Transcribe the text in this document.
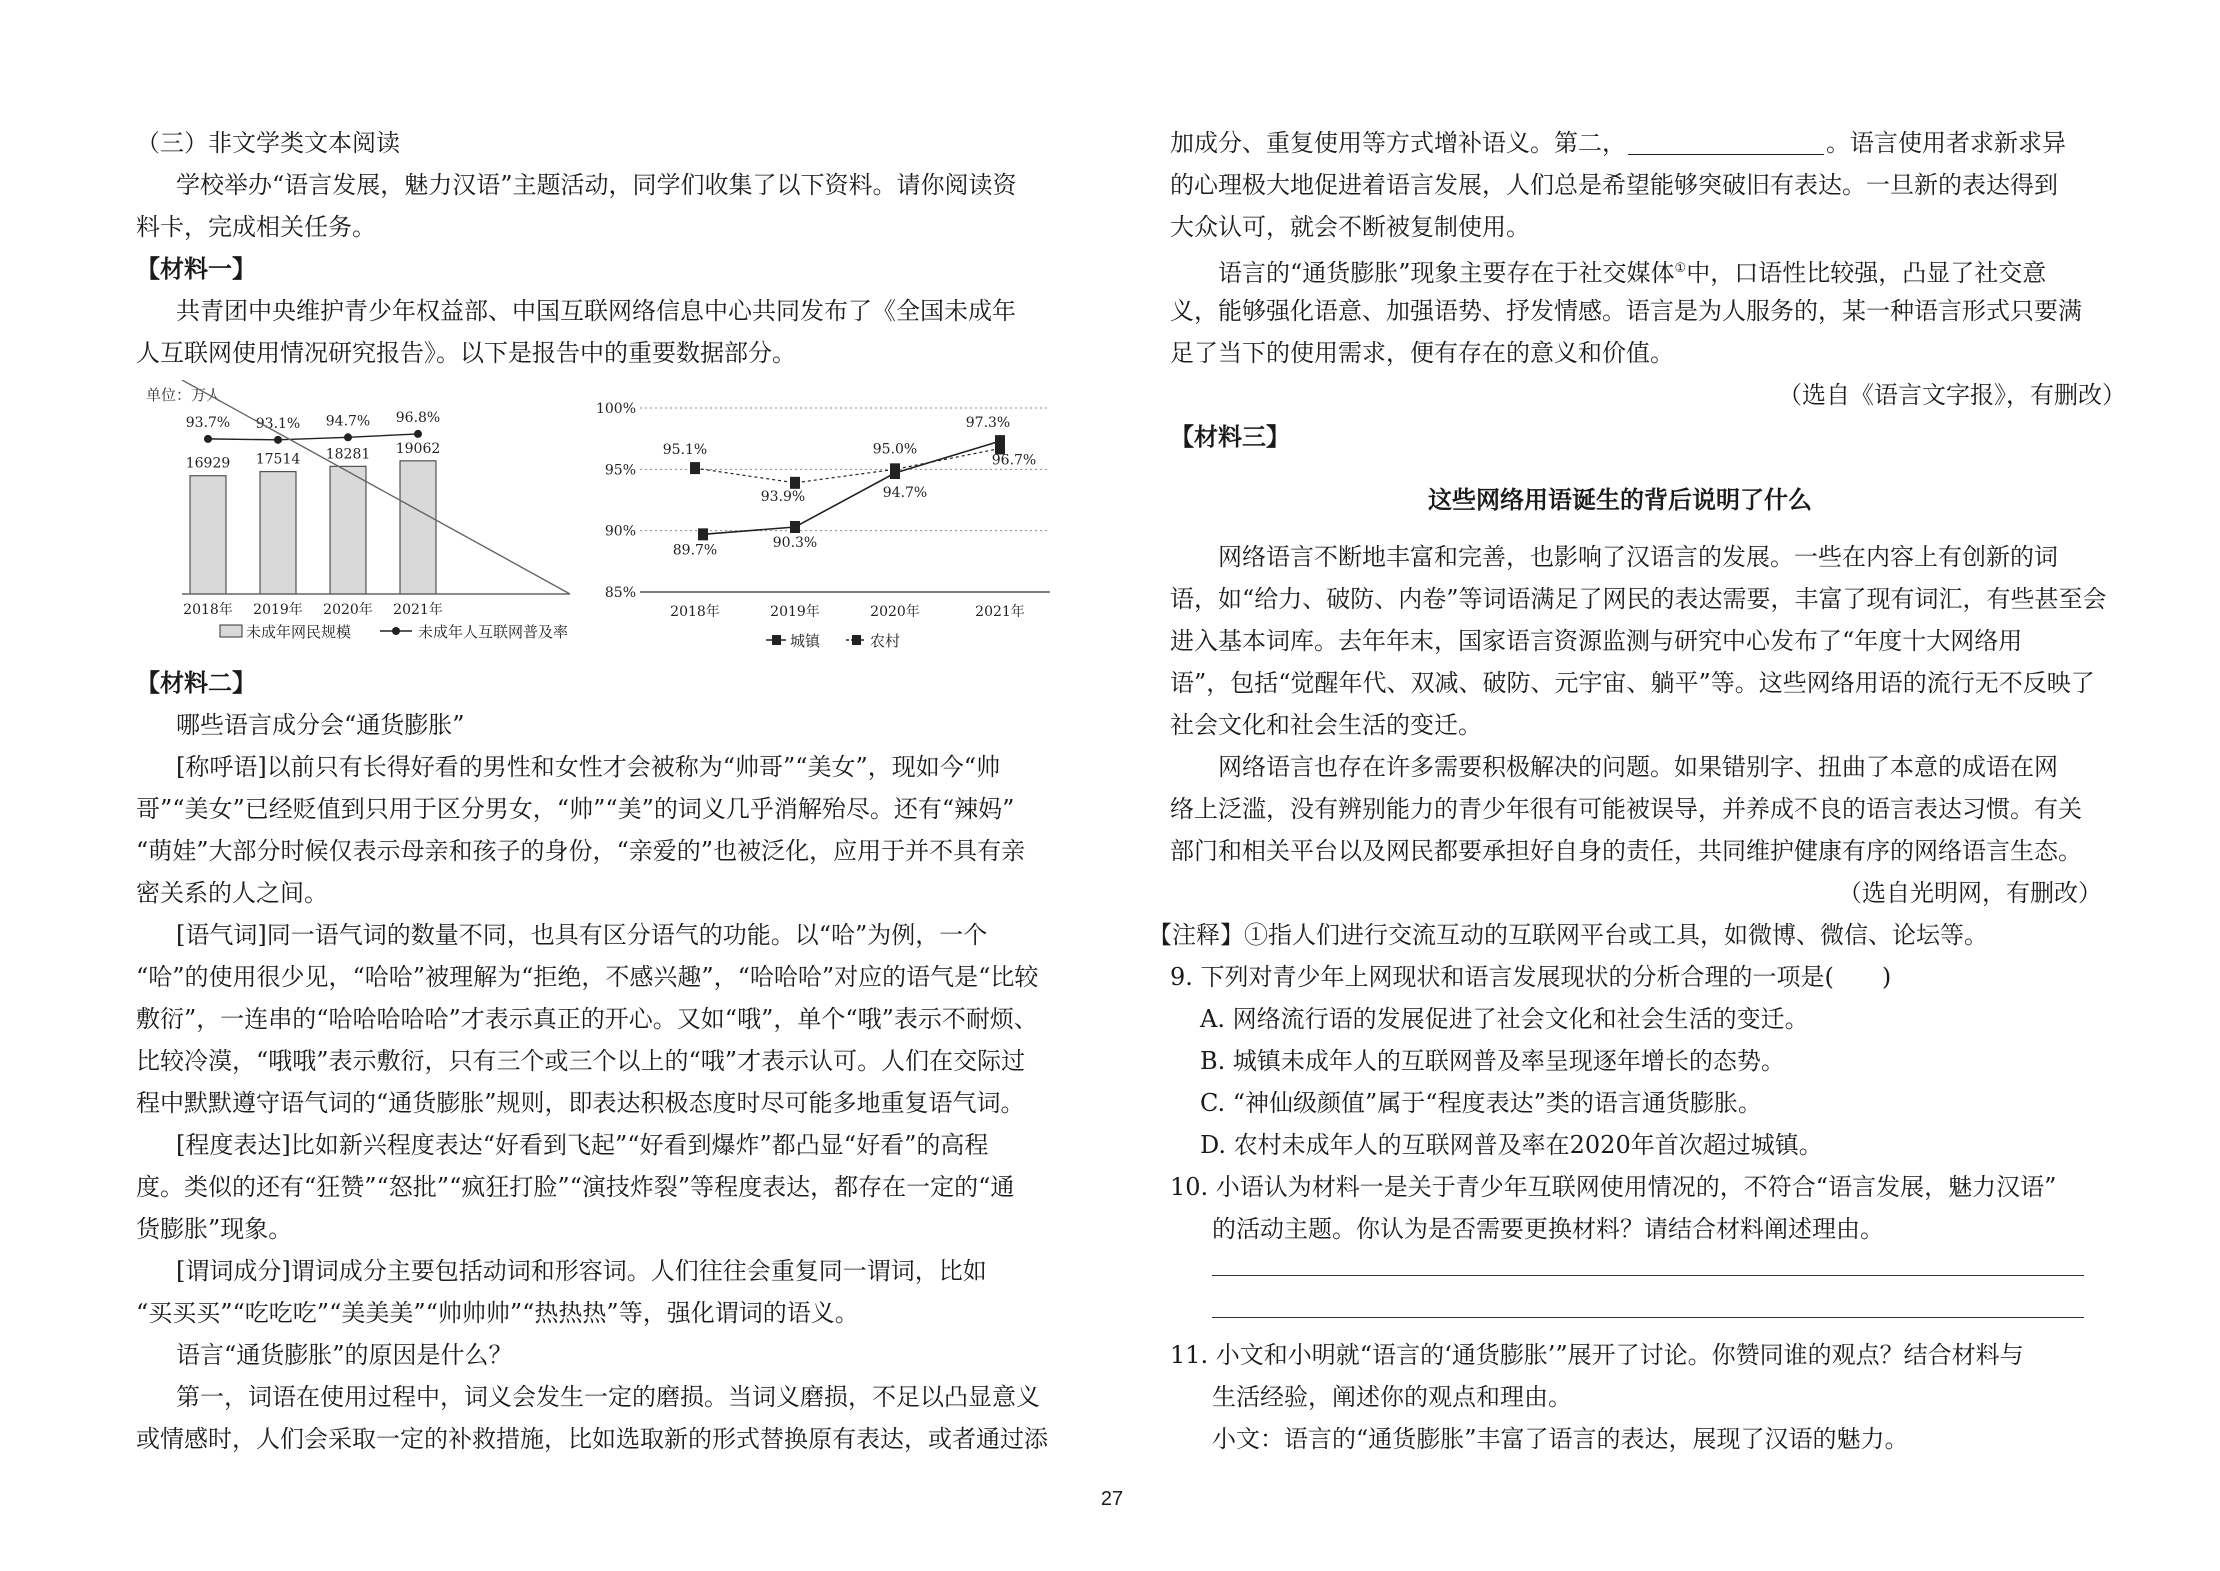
（三）非文学类文本阅读
学校举办“语言发展，魅力汉语”主题活动，同学们收集了以下资料。请你阅读资
料卡，完成相关任务。
【材料一】
共青团中央维护青少年权益部、中国互联网络信息中心共同发布了《全国未成年
人互联网使用情况研究报告》。以下是报告中的重要数据部分。
单位：万人
16929
2018年
93.7%
17514
2019年
93.1%
18281
2020年
94.7%
19062
2021年
96.8%
未成年网民规模	未成年人互联网普及率
100%
95%
90%
85%
2018年	2019年	2020年	2021年
95.1%
93.9%
95.0%
96.7%
89.7%	90.3%
94.7%
97.3%
城镇	农村
【材料二】
哪些语言成分会“通货膨胀”
[称呼语]以前只有长得好看的男性和女性才会被称为“帅哥”“美女”，现如今“帅
哥”“美女”已经贬值到只用于区分男女，“帅”“美”的词义几乎消解殆尽。还有“辣妈”
“萌娃”大部分时候仅表示母亲和孩子的身份，“亲爱的”也被泛化，应用于并不具有亲
密关系的人之间。
[语气词]同一语气词的数量不同，也具有区分语气的功能。以“哈”为例，一个
“哈”的使用很少见，“哈哈”被理解为“拒绝，不感兴趣”，“哈哈哈”对应的语气是“比较
敷衍”，一连串的“哈哈哈哈哈”才表示真正的开心。又如“哦”，单个“哦”表示不耐烦、
比较冷漠，“哦哦”表示敷衍，只有三个或三个以上的“哦”才表示认可。人们在交际过
程中默默遵守语气词的“通货膨胀”规则，即表达积极态度时尽可能多地重复语气词。
[程度表达]比如新兴程度表达“好看到飞起”“好看到爆炸”都凸显“好看”的高程
度。类似的还有“狂赞”“怒批”“疯狂打脸”“演技炸裂”等程度表达，都存在一定的“通
货膨胀”现象。
[谓词成分]谓词成分主要包括动词和形容词。人们往往会重复同一谓词，比如
“买买买”“吃吃吃”“美美美”“帅帅帅”“热热热”等，强化谓词的语义。
语言“通货膨胀”的原因是什么？
第一，词语在使用过程中，词义会发生一定的磨损。当词义磨损，不足以凸显意义
或情感时，人们会采取一定的补救措施，比如选取新的形式替换原有表达，或者通过添
加成分、重复使用等方式增补语义。第二，	。语言使用者求新求异
的心理极大地促进着语言发展，人们总是希望能够突破旧有表达。一旦新的表达得到
大众认可，就会不断被复制使用。
语言的“通货膨胀”现象主要存在于社交媒体①中，口语性比较强，凸显了社交意
义，能够强化语意、加强语势、抒发情感。语言是为人服务的，某一种语言形式只要满
足了当下的使用需求，便有存在的意义和价值。
（选自《语言文字报》，有删改）
【材料三】
这些网络用语诞生的背后说明了什么
网络语言不断地丰富和完善，也影响了汉语言的发展。一些在内容上有创新的词
语，如“给力、破防、内卷”等词语满足了网民的表达需要，丰富了现有词汇，有些甚至会
进入基本词库。去年年末，国家语言资源监测与研究中心发布了“年度十大网络用
语”，包括“觉醒年代、双减、破防、元宇宙、躺平”等。这些网络用语的流行无不反映了
社会文化和社会生活的变迁。
网络语言也存在许多需要积极解决的问题。如果错别字、扭曲了本意的成语在网
络上泛滥，没有辨别能力的青少年很有可能被误导，并养成不良的语言表达习惯。有关
部门和相关平台以及网民都要承担好自身的责任，共同维护健康有序的网络语言生态。
（选自光明网，有删改）
【注释】①指人们进行交流互动的互联网平台或工具，如微博、微信、论坛等。
9. 下列对青少年上网现状和语言发展现状的分析合理的一项是(　　)
A. 网络流行语的发展促进了社会文化和社会生活的变迁。
B. 城镇未成年人的互联网普及率呈现逐年增长的态势。
C. “神仙级颜值”属于“程度表达”类的语言通货膨胀。
D. 农村未成年人的互联网普及率在2020年首次超过城镇。
10. 小语认为材料一是关于青少年互联网使用情况的，不符合“语言发展，魅力汉语”
的活动主题。你认为是否需要更换材料？请结合材料阐述理由。
11. 小文和小明就“语言的‘通货膨胀’”展开了讨论。你赞同谁的观点？结合材料与
生活经验，阐述你的观点和理由。
小文：语言的“通货膨胀”丰富了语言的表达，展现了汉语的魅力。
27
